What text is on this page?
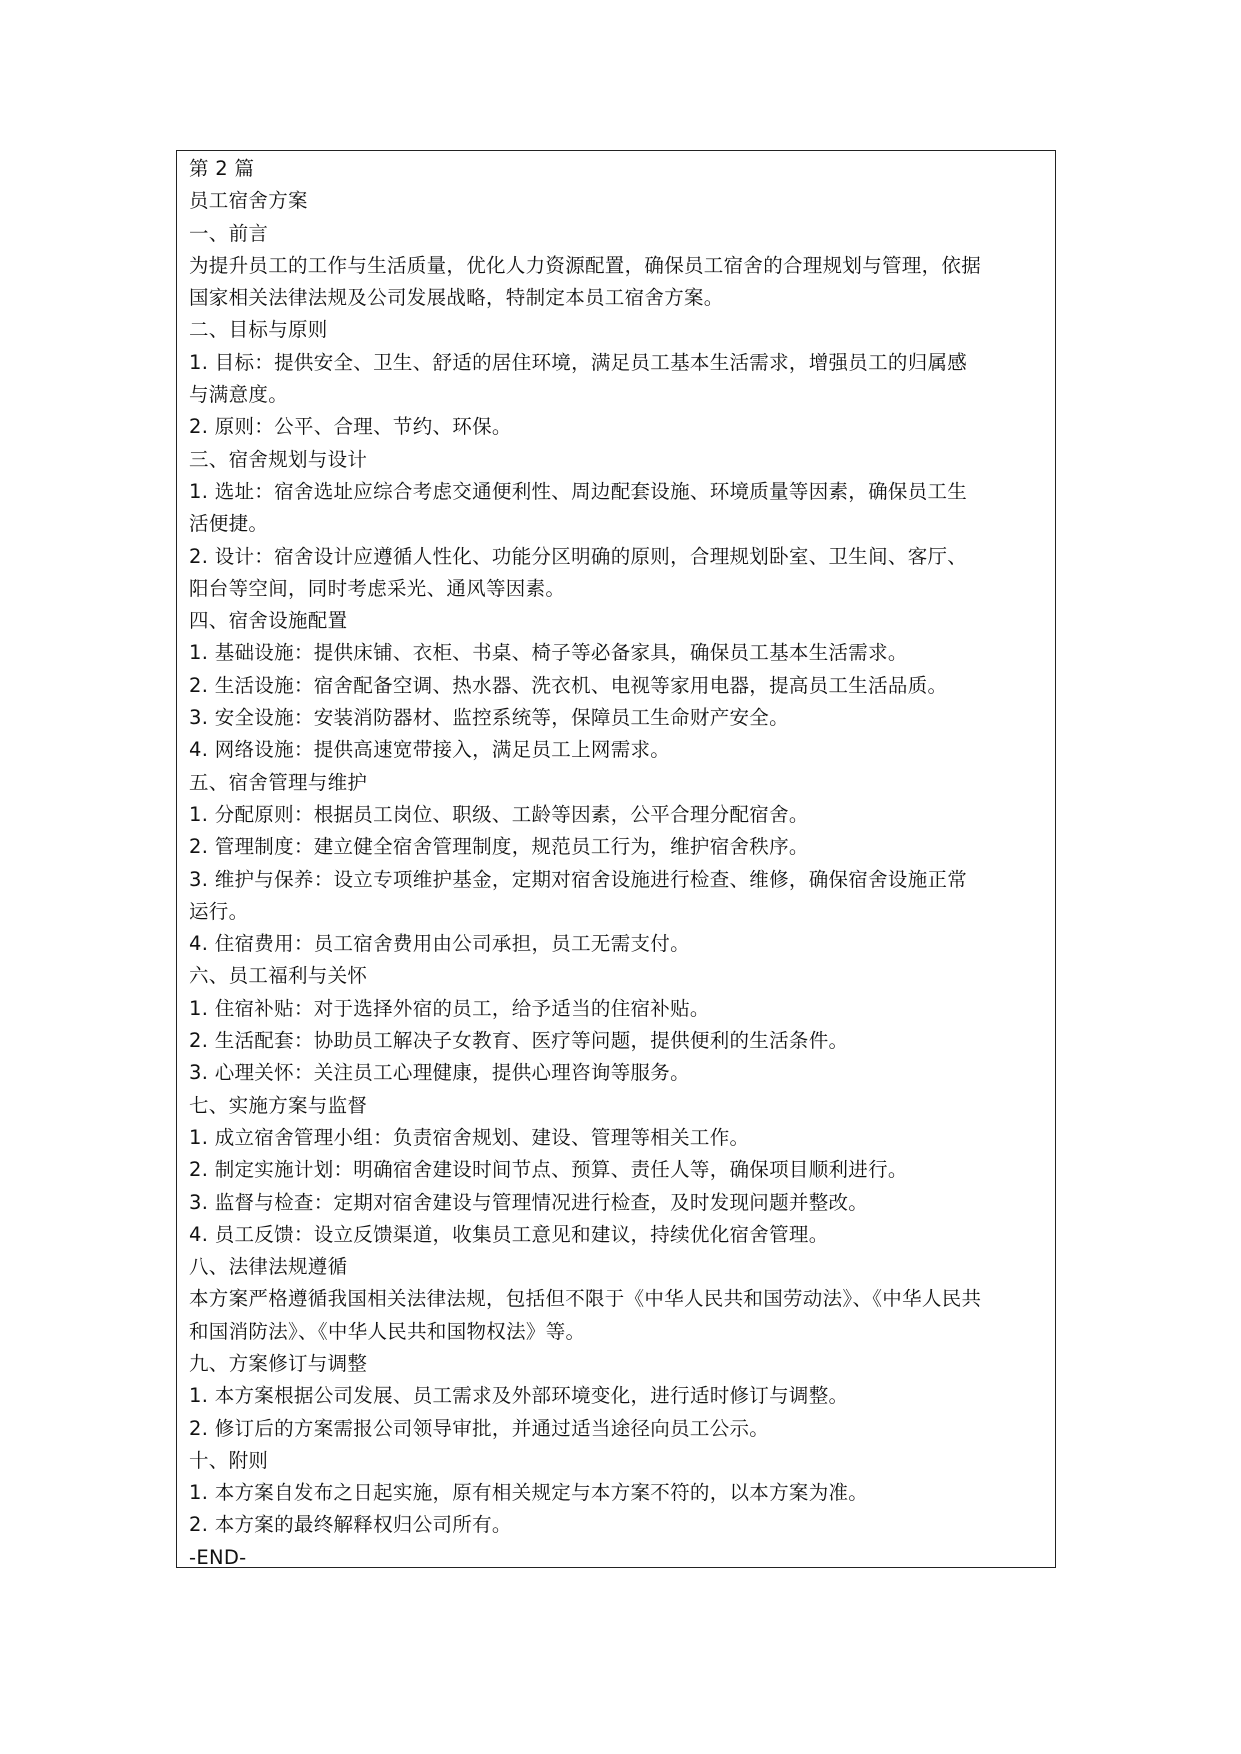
第 2 篇
员工宿舍方案
一、前言
为提升员工的工作与生活质量，优化人力资源配置，确保员工宿舍的合理规划与管理，依据
国家相关法律法规及公司发展战略，特制定本员工宿舍方案。
二、目标与原则
1. 目标：提供安全、卫生、舒适的居住环境，满足员工基本生活需求，增强员工的归属感
与满意度。
2. 原则：公平、合理、节约、环保。
三、宿舍规划与设计
1. 选址：宿舍选址应综合考虑交通便利性、周边配套设施、环境质量等因素，确保员工生
活便捷。
2. 设计：宿舍设计应遵循人性化、功能分区明确的原则，合理规划卧室、卫生间、客厅、
阳台等空间，同时考虑采光、通风等因素。
四、宿舍设施配置
1. 基础设施：提供床铺、衣柜、书桌、椅子等必备家具，确保员工基本生活需求。
2. 生活设施：宿舍配备空调、热水器、洗衣机、电视等家用电器，提高员工生活品质。
3. 安全设施：安装消防器材、监控系统等，保障员工生命财产安全。
4. 网络设施：提供高速宽带接入，满足员工上网需求。
五、宿舍管理与维护
1. 分配原则：根据员工岗位、职级、工龄等因素，公平合理分配宿舍。
2. 管理制度：建立健全宿舍管理制度，规范员工行为，维护宿舍秩序。
3. 维护与保养：设立专项维护基金，定期对宿舍设施进行检查、维修，确保宿舍设施正常
运行。
4. 住宿费用：员工宿舍费用由公司承担，员工无需支付。
六、员工福利与关怀
1. 住宿补贴：对于选择外宿的员工，给予适当的住宿补贴。
2. 生活配套：协助员工解决子女教育、医疗等问题，提供便利的生活条件。
3. 心理关怀：关注员工心理健康，提供心理咨询等服务。
七、实施方案与监督
1. 成立宿舍管理小组：负责宿舍规划、建设、管理等相关工作。
2. 制定实施计划：明确宿舍建设时间节点、预算、责任人等，确保项目顺利进行。
3. 监督与检查：定期对宿舍建设与管理情况进行检查，及时发现问题并整改。
4. 员工反馈：设立反馈渠道，收集员工意见和建议，持续优化宿舍管理。
八、法律法规遵循
本方案严格遵循我国相关法律法规，包括但不限于《中华人民共和国劳动法》、《中华人民共
和国消防法》、《中华人民共和国物权法》等。
九、方案修订与调整
1. 本方案根据公司发展、员工需求及外部环境变化，进行适时修订与调整。
2. 修订后的方案需报公司领导审批，并通过适当途径向员工公示。
十、附则
1. 本方案自发布之日起实施，原有相关规定与本方案不符的，以本方案为准。
2. 本方案的最终解释权归公司所有。
-END-
